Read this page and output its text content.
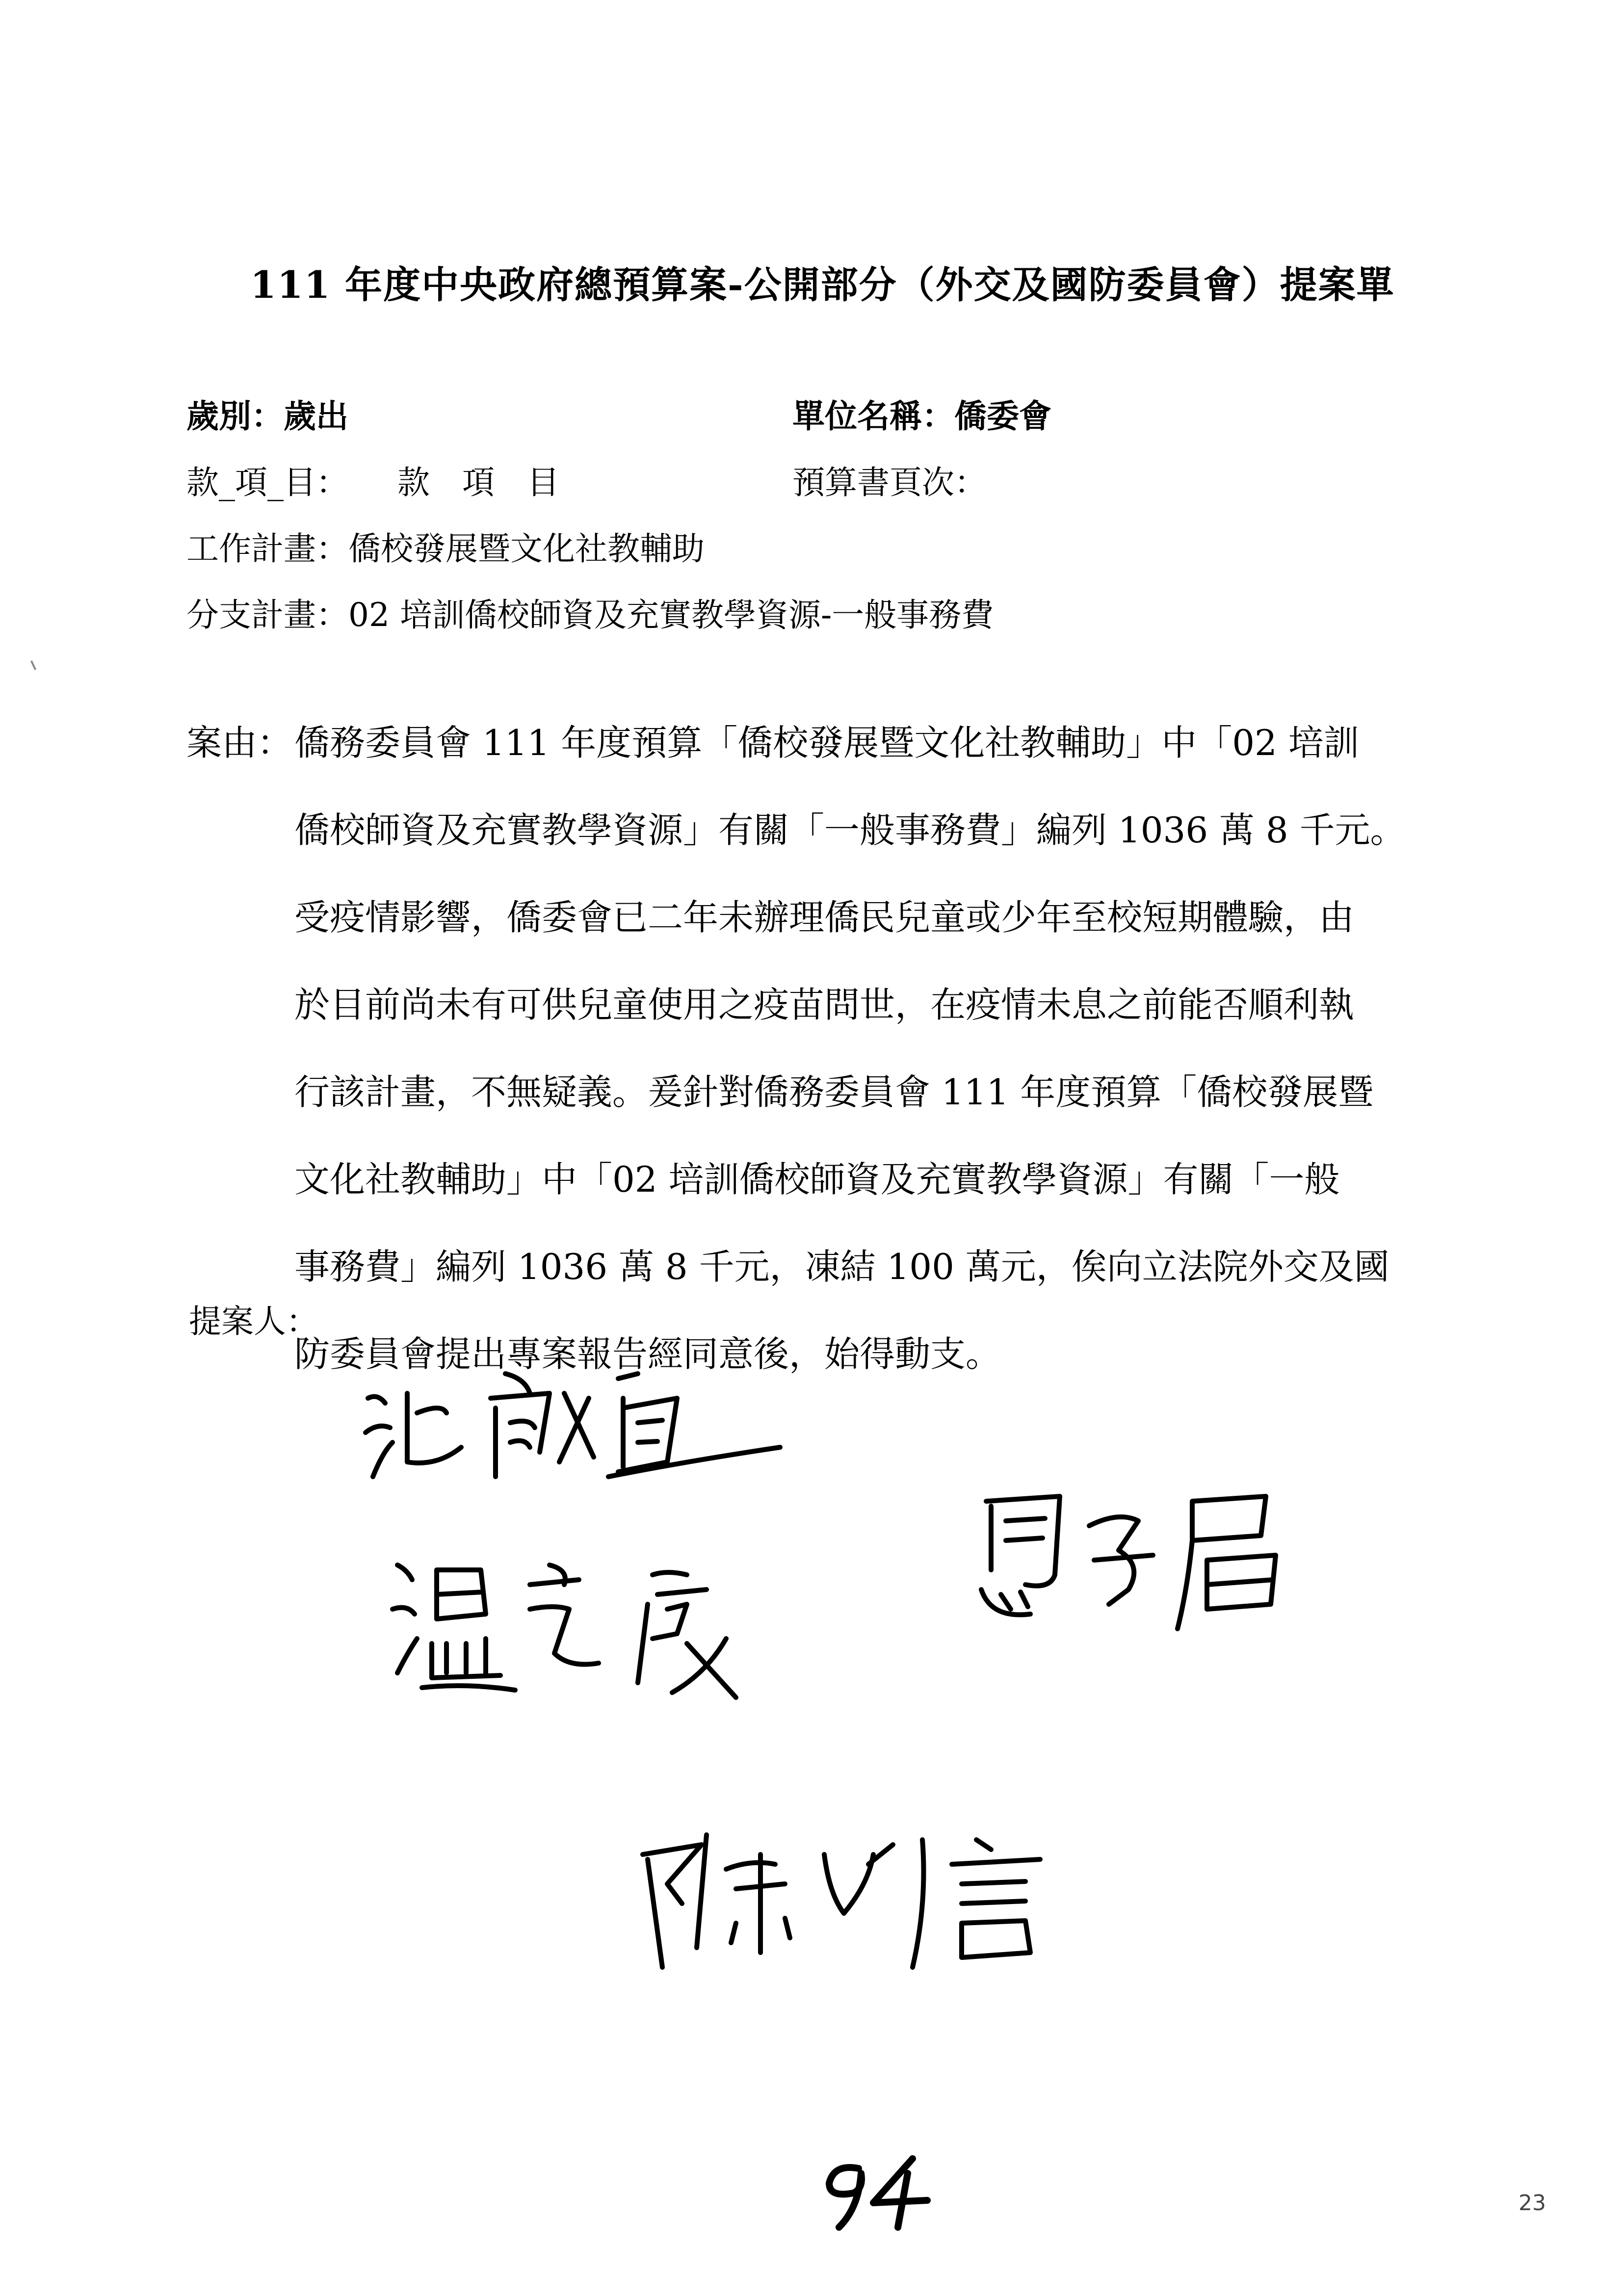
111 年度中央政府總預算案-公開部分（外交及國防委員會）提案單
歲別：歲出	單位名稱：僑委會
款_項_目： 款　項　目	預算書頁次：
工作計畫：僑校發展暨文化社教輔助
分支計畫：02 培訓僑校師資及充實教學資源-一般事務費
案由： 僑務委員會 111 年度預算「僑校發展暨文化社教輔助」中「02 培訓
僑校師資及充實教學資源」有關「一般事務費」編列 1036 萬 8 千元。
受疫情影響，僑委會已二年未辦理僑民兒童或少年至校短期體驗，由
於目前尚未有可供兒童使用之疫苗問世，在疫情未息之前能否順利執
行該計畫，不無疑義。爰針對僑務委員會 111 年度預算「僑校發展暨
文化社教輔助」中「02 培訓僑校師資及充實教學資源」有關「一般
事務費」編列 1036 萬 8 千元，凍結 100 萬元，俟向立法院外交及國
防委員會提出專案報告經同意後，始得動支。
提案人：
23
